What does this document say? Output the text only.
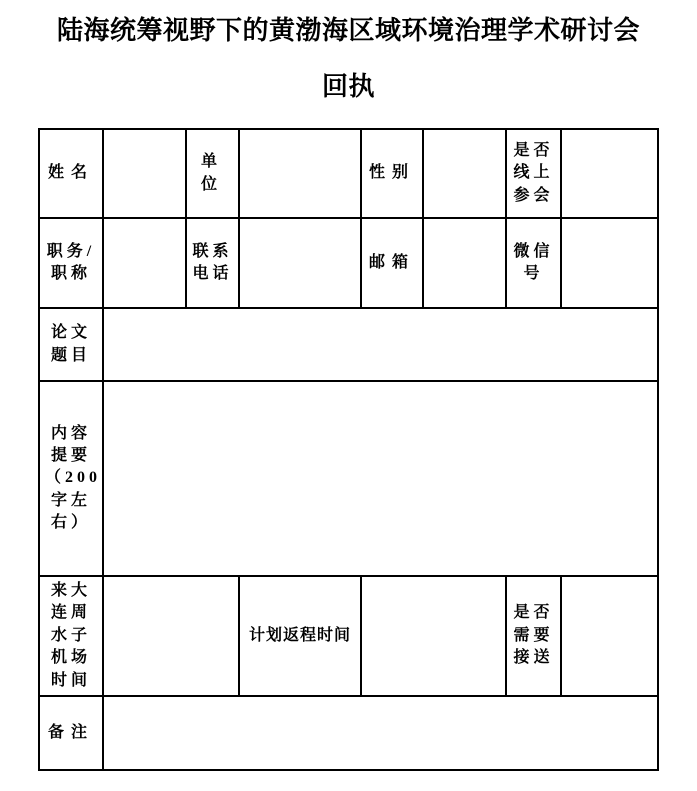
陆海统筹视野下的黄渤海区域环境治理学术研讨会
回执
姓名		单位		性别		是否线上参会	
职务/职称		联系电话		邮箱		微信号	
论文题目							
内容提要（200字左右）							
来大连周水子机场时间			计划返程时间			是否需要接送	
备注							
